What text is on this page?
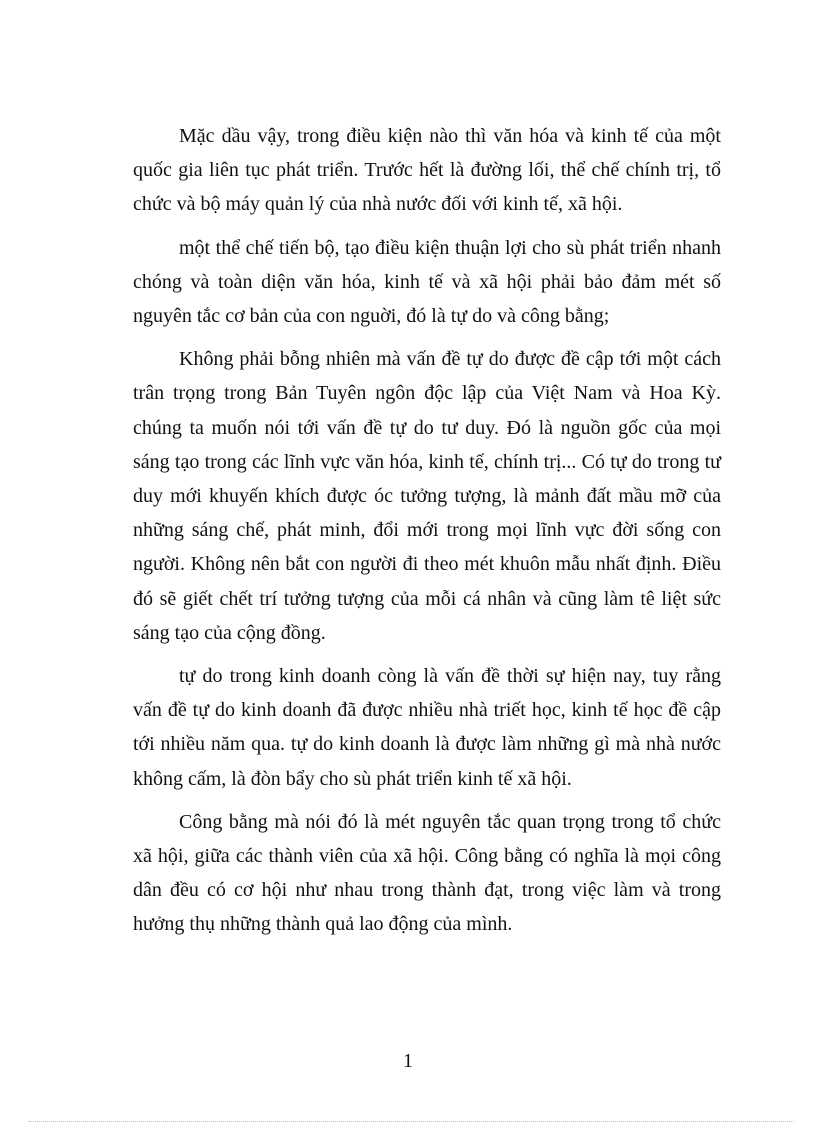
Mặc dầu vậy, trong điều kiện nào thì văn hóa và kinh tế của một quốc gia liên tục phát triển. Trước hết là đường lối, thể chế chính trị, tổ chức và bộ máy quản lý của nhà nước đối với kinh tế, xã hội.

một thể chế tiến bộ, tạo điều kiện thuận lợi cho sù phát triển nhanh chóng và toàn diện văn hóa, kinh tế và xã hội phải bảo đảm mét số nguyên tắc cơ bản của con nguời, đó là tự do và công bằng;

Không phải bỗng nhiên mà vấn đề tự do được đề cập tới một cách trân trọng trong Bản Tuyên ngôn độc lập của Việt Nam và Hoa Kỳ. chúng ta muốn nói tới vấn đề tự do tư duy. Đó là nguồn gốc của mọi sáng tạo trong các lĩnh vực văn hóa, kinh tế, chính trị... Có tự do trong tư duy mới khuyến khích được óc tưởng tượng, là mảnh đất mầu mỡ của những sáng chế, phát minh, đổi mới trong mọi lĩnh vực đời sống con người. Không nên bắt con người đi theo mét khuôn mẫu nhất định. Điều đó sẽ giết chết trí tưởng tượng của mỗi cá nhân và cũng làm tê liệt sức sáng tạo của cộng đồng.

tự do trong kinh doanh còng là vấn đề thời sự hiện nay, tuy rằng vấn đề tự do kinh doanh đã được nhiều nhà triết học, kinh tế học đề cập tới nhiều năm qua. tự do kinh doanh là được làm những gì mà nhà nước không cấm, là đòn bẩy cho sù phát triển kinh tế xã hội.

Công bằng mà nói đó là mét nguyên tắc quan trọng trong tổ chức xã hội, giữa các thành viên của xã hội. Công bằng có nghĩa là mọi công dân đều có cơ hội như nhau trong thành đạt, trong việc làm và trong hưởng thụ những thành quả lao động của mình.

1
